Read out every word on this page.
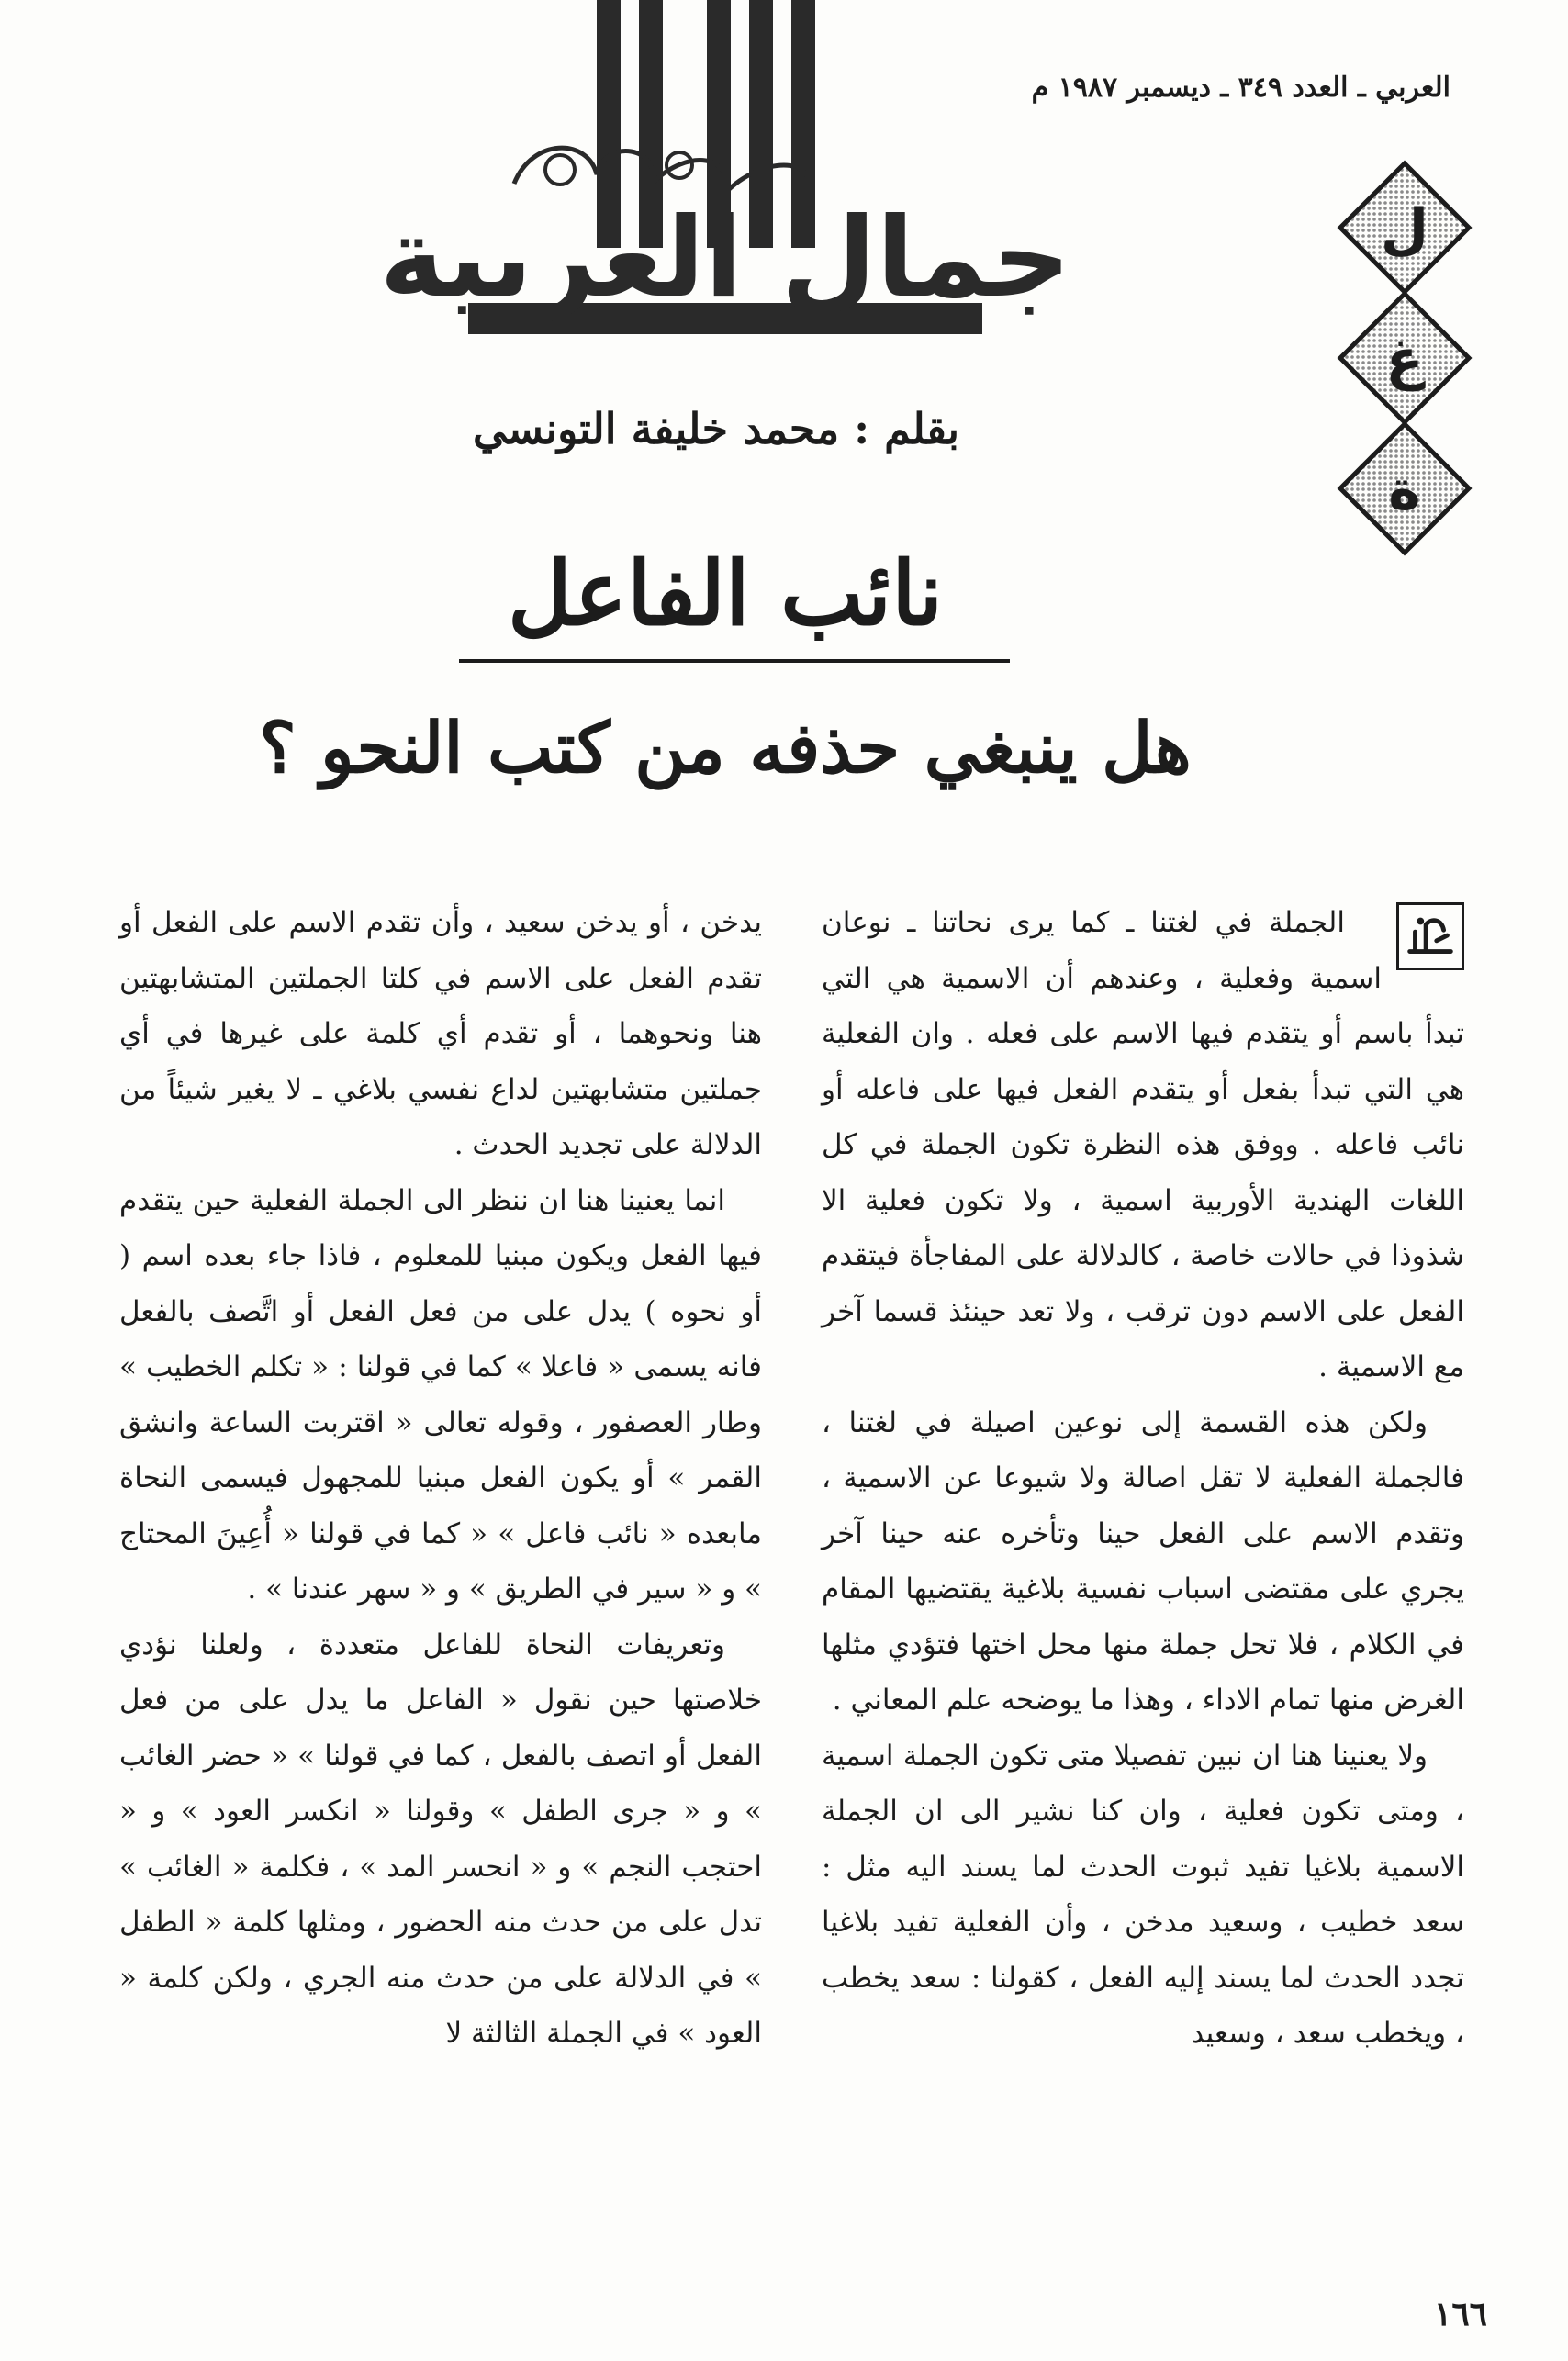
العربي ـ العدد ٣٤٩ ـ ديسمبر ١٩٨٧ م
جمال العربية	ل
غ
ة
بقلم : محمد خليفة التونسي
نائب الفاعل
هل ينبغي حذفه من كتب النحو ؟

الجملة في لغتنا ـ كما يرى نحاتنا ـ نوعان اسمية وفعلية ، وعندهم أن الاسمية هي التي تبدأ باسم أو يتقدم فيها الاسم على فعله . وان الفعلية هي التي تبدأ بفعل أو يتقدم الفعل فيها على فاعله أو نائب فاعله . ووفق هذه النظرة تكون الجملة في كل اللغات الهندية الأوربية اسمية ، ولا تكون فعلية الا شذوذا في حالات خاصة ، كالدلالة على المفاجأة فيتقدم الفعل على الاسم دون ترقب ، ولا تعد حينئذ قسما آخر مع الاسمية .

ولكن هذه القسمة إلى نوعين اصيلة في لغتنا ، فالجملة الفعلية لا تقل اصالة ولا شيوعا عن الاسمية ، وتقدم الاسم على الفعل حينا وتأخره عنه حينا آخر يجري على مقتضى اسباب نفسية بلاغية يقتضيها المقام في الكلام ، فلا تحل جملة منها محل اختها فتؤدي مثلها الغرض منها تمام الاداء ، وهذا ما يوضحه علم المعاني .

ولا يعنينا هنا ان نبين تفصيلا متى تكون الجملة اسمية ، ومتى تكون فعلية ، وان كنا نشير الى ان الجملة الاسمية بلاغيا تفيد ثبوت الحدث لما يسند اليه مثل : سعد خطيب ، وسعيد مدخن ، وأن الفعلية تفيد بلاغيا تجدد الحدث لما يسند إليه الفعل ، كقولنا : سعد يخطب ، ويخطب سعد ، وسعيد

يدخن ، أو يدخن سعيد ، وأن تقدم الاسم على الفعل أو تقدم الفعل على الاسم في كلتا الجملتين المتشابهتين هنا ونحوهما ، أو تقدم أي كلمة على غيرها في أي جملتين متشابهتين لداع نفسي بلاغي ـ لا يغير شيئاً من الدلالة على تجديد الحدث .

انما يعنينا هنا ان ننظر الى الجملة الفعلية حين يتقدم فيها الفعل ويكون مبنيا للمعلوم ، فاذا جاء بعده اسم ( أو نحوه ) يدل على من فعل الفعل أو اتَّصف بالفعل فانه يسمى « فاعلا » كما في قولنا : « تكلم الخطيب » وطار العصفور ، وقوله تعالى « اقتربت الساعة وانشق القمر » أو يكون الفعل مبنيا للمجهول فيسمى النحاة مابعده « نائب فاعل » « كما في قولنا « أُعِينَ المحتاج » و « سير في الطريق » و « سهر عندنا » .

وتعريفات النحاة للفاعل متعددة ، ولعلنا نؤدي خلاصتها حين نقول « الفاعل ما يدل على من فعل الفعل أو اتصف بالفعل ، كما في قولنا » « حضر الغائب » و « جرى الطفل » وقولنا « انكسر العود » و « احتجب النجم » و « انحسر المد » ، فكلمة « الغائب » تدل على من حدث منه الحضور ، ومثلها كلمة « الطفل » في الدلالة على من حدث منه الجري ، ولكن كلمة « العود » في الجملة الثالثة لا

١٦٦
